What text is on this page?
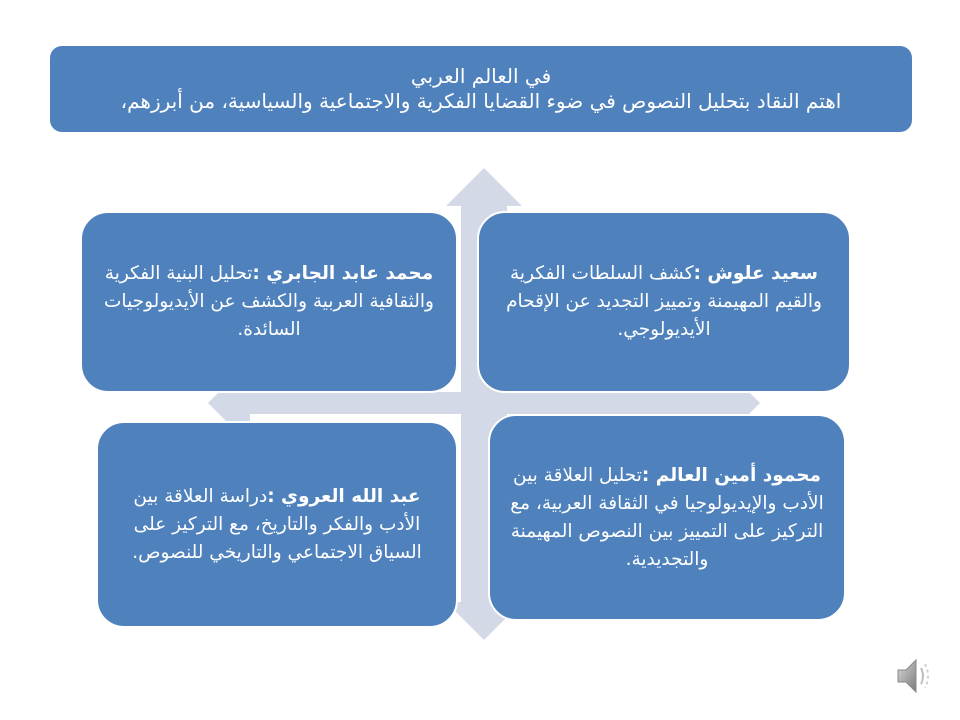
في العالم العربي
اهتم النقاد بتحليل النصوص في ضوء القضايا الفكرية والاجتماعية والسياسية، من أبرزهم،
محمد عابد الجابري :تحليل البنية الفكرية والثقافية العربية والكشف عن الأيديولوجيات السائدة.
سعيد علوش :كشف السلطات الفكرية والقيم المهيمنة وتمييز التجديد عن الإقحام الأيديولوجي.
عبد الله العروي :دراسة العلاقة بين الأدب والفكر والتاريخ، مع التركيز على السياق الاجتماعي والتاريخي للنصوص.
محمود أمين العالم :تحليل العلاقة بين الأدب والإيديولوجيا في الثقافة العربية، مع التركيز على التمييز بين النصوص المهيمنة والتجديدية.
